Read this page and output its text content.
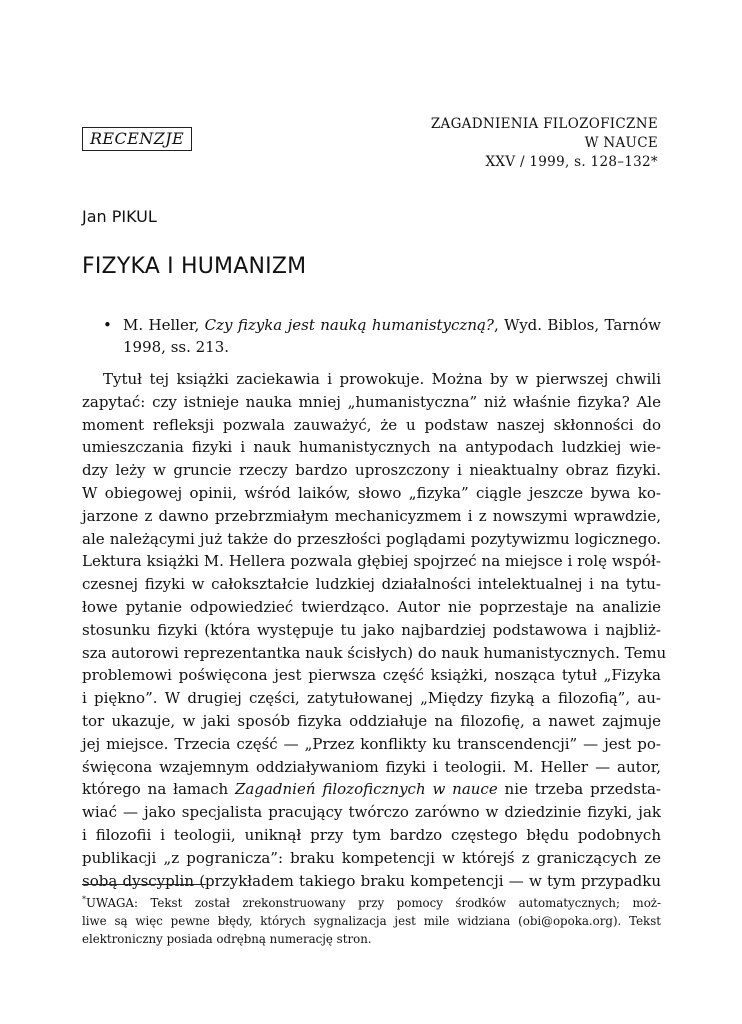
RECENZJE
ZAGADNIENIA FILOZOFICZNE
W NAUCE
XXV / 1999, s. 128–132*
Jan PIKUL
FIZYKA I HUMANIZM
• M. Heller, Czy fizyka jest nauką humanistyczną?, Wyd. Biblos, Tarnów
1998, ss. 213.
Tytuł tej książki zaciekawia i prowokuje. Można by w pierwszej chwili
zapytać: czy istnieje nauka mniej „humanistyczna” niż właśnie fizyka? Ale
moment refleksji pozwala zauważyć, że u podstaw naszej skłonności do
umieszczania fizyki i nauk humanistycznych na antypodach ludzkiej wie-
dzy leży w gruncie rzeczy bardzo uproszczony i nieaktualny obraz fizyki.
W obiegowej opinii, wśród laików, słowo „fizyka” ciągle jeszcze bywa ko-
jarzone z dawno przebrzmiałym mechanicyzmem i z nowszymi wprawdzie,
ale należącymi już także do przeszłości poglądami pozytywizmu logicznego.
Lektura książki M. Hellera pozwala głębiej spojrzeć na miejsce i rolę współ-
czesnej fizyki w całokształcie ludzkiej działalności intelektualnej i na tytu-
łowe pytanie odpowiedzieć twierdząco. Autor nie poprzestaje na analizie
stosunku fizyki (która występuje tu jako najbardziej podstawowa i najbliż-
sza autorowi reprezentantka nauk ścisłych) do nauk humanistycznych. Temu
problemowi poświęcona jest pierwsza część książki, nosząca tytuł „Fizyka
i piękno”. W drugiej części, zatytułowanej „Między fizyką a filozofią”, au-
tor ukazuje, w jaki sposób fizyka oddziałuje na filozofię, a nawet zajmuje
jej miejsce. Trzecia część — „Przez konflikty ku transcendencji” — jest po-
święcona wzajemnym oddziaływaniom fizyki i teologii. M. Heller — autor,
którego na łamach Zagadnień filozoficznych w nauce nie trzeba przedsta-
wiać — jako specjalista pracujący twórczo zarówno w dziedzinie fizyki, jak
i filozofii i teologii, uniknął przy tym bardzo częstego błędu podobnych
publikacji „z pogranicza”: braku kompetencji w którejś z graniczących ze
sobą dyscyplin (przykładem takiego braku kompetencji — w tym przypadku
*UWAGA: Tekst został zrekonstruowany przy pomocy środków automatycznych; moż-
liwe są więc pewne błędy, których sygnalizacja jest mile widziana (obi@opoka.org). Tekst
elektroniczny posiada odrębną numerację stron.
